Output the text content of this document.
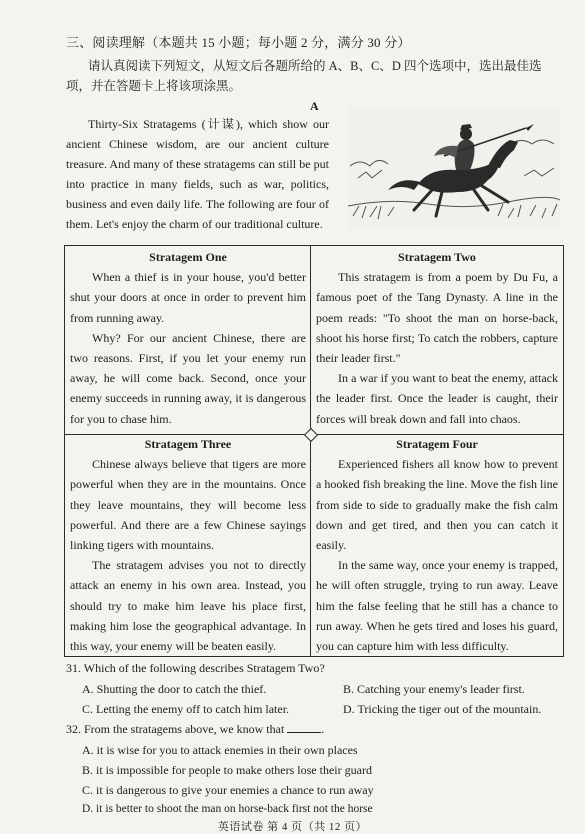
三、阅读理解（本题共 15 小题；每小题 2 分，满分 30 分）
请认真阅读下列短文，从短文后各题所给的 A、B、C、D 四个选项中，选出最佳选项，并在答题卡上将该项涂黑。
A
Thirty-Six Stratagems (计谋), which show our ancient Chinese wisdom, are our ancient culture treasure. And many of these stratagems can still be put into practice in many fields, such as war, politics, business and even daily life. The following are four of them. Let's enjoy the charm of our traditional culture.
Stratagem One

When a thief is in your house, you'd better shut your doors at once in order to prevent him from running away.

Why? For our ancient Chinese, there are two reasons. First, if you let your enemy run away, he will come back. Second, once your enemy succeeds in running away, it is dangerous for you to chase him.

Stratagem Two

This stratagem is from a poem by Du Fu, a famous poet of the Tang Dynasty. A line in the poem reads: "To shoot the man on horse-back, shoot his horse first; To catch the robbers, capture their leader first."

In a war if you want to beat the enemy, attack the leader first. Once the leader is caught, their forces will break down and fall into chaos.

Stratagem Three

Chinese always believe that tigers are more powerful when they are in the mountains. Once they leave mountains, they will become less powerful. And there are a few Chinese sayings linking tigers with mountains.

The stratagem advises you not to directly attack an enemy in his own area. Instead, you should try to make him leave his place first, making him lose the geographical advantage. In this way, your enemy will be beaten easily.

Stratagem Four

Experienced fishers all know how to prevent a hooked fish breaking the line. Move the fish line from side to side to gradually make the fish calm down and get tired, and then you can catch it easily.

In the same way, once your enemy is trapped, he will often struggle, trying to run away. Leave him the false feeling that he still has a chance to run away. When he gets tired and loses his guard, you can capture him with less difficulty.

31. Which of the following describes Stratagem Two?
A. Shutting the door to catch the thief.	B. Catching your enemy's leader first.
C. Letting the enemy off to catch him later.	D. Tricking the tiger out of the mountain.
32. From the stratagems above, we know that	.
A. it is wise for you to attack enemies in their own places
B. it is impossible for people to make others lose their guard
C. it is dangerous to give your enemies a chance to run away
D. it is better to shoot the man on horse-back first not the horse
英语试卷 第 4 页（共 12 页）
